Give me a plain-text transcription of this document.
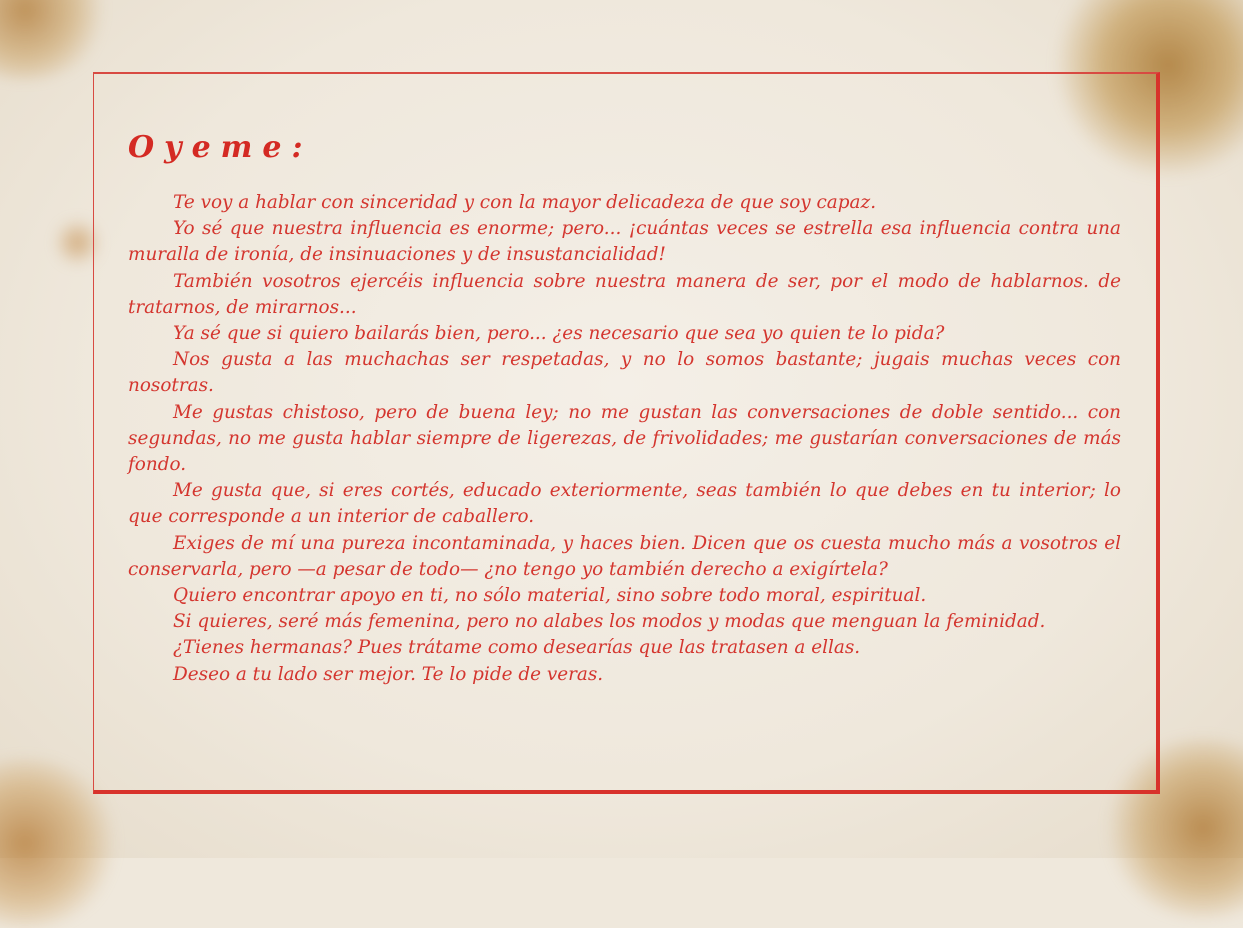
Oyeme:

Te voy a hablar con sinceridad y con la mayor delicadeza de que soy capaz.

Yo sé que nuestra influencia es enorme; pero... ¡cuántas veces se estrella esa influencia contra una muralla de ironía, de insinuaciones y de insustancialidad!

También vosotros ejercéis influencia sobre nuestra manera de ser, por el modo de hablarnos. de tratarnos, de mirarnos...

Ya sé que si quiero bailarás bien, pero... ¿es necesario que sea yo quien te lo pida?

Nos gusta a las muchachas ser respetadas, y no lo somos bastante; jugais muchas veces con nosotras.

Me gustas chistoso, pero de buena ley; no me gustan las conversaciones de doble sentido... con segundas, no me gusta hablar siempre de ligerezas, de frivolidades; me gustarían conversaciones de más fondo.

Me gusta que, si eres cortés, educado exteriormente, seas también lo que debes en tu interior; lo que corresponde a un interior de caballero.

Exiges de mí una pureza incontaminada, y haces bien. Dicen que os cuesta mucho más a vosotros el conservarla, pero —a pesar de todo— ¿no tengo yo también derecho a exigírtela?

Quiero encontrar apoyo en ti, no sólo material, sino sobre todo moral, espiritual.

Si quieres, seré más femenina, pero no alabes los modos y modas que menguan la feminidad.

¿Tienes hermanas? Pues trátame como desearías que las tratasen a ellas.

Deseo a tu lado ser mejor. Te lo pide de veras.
